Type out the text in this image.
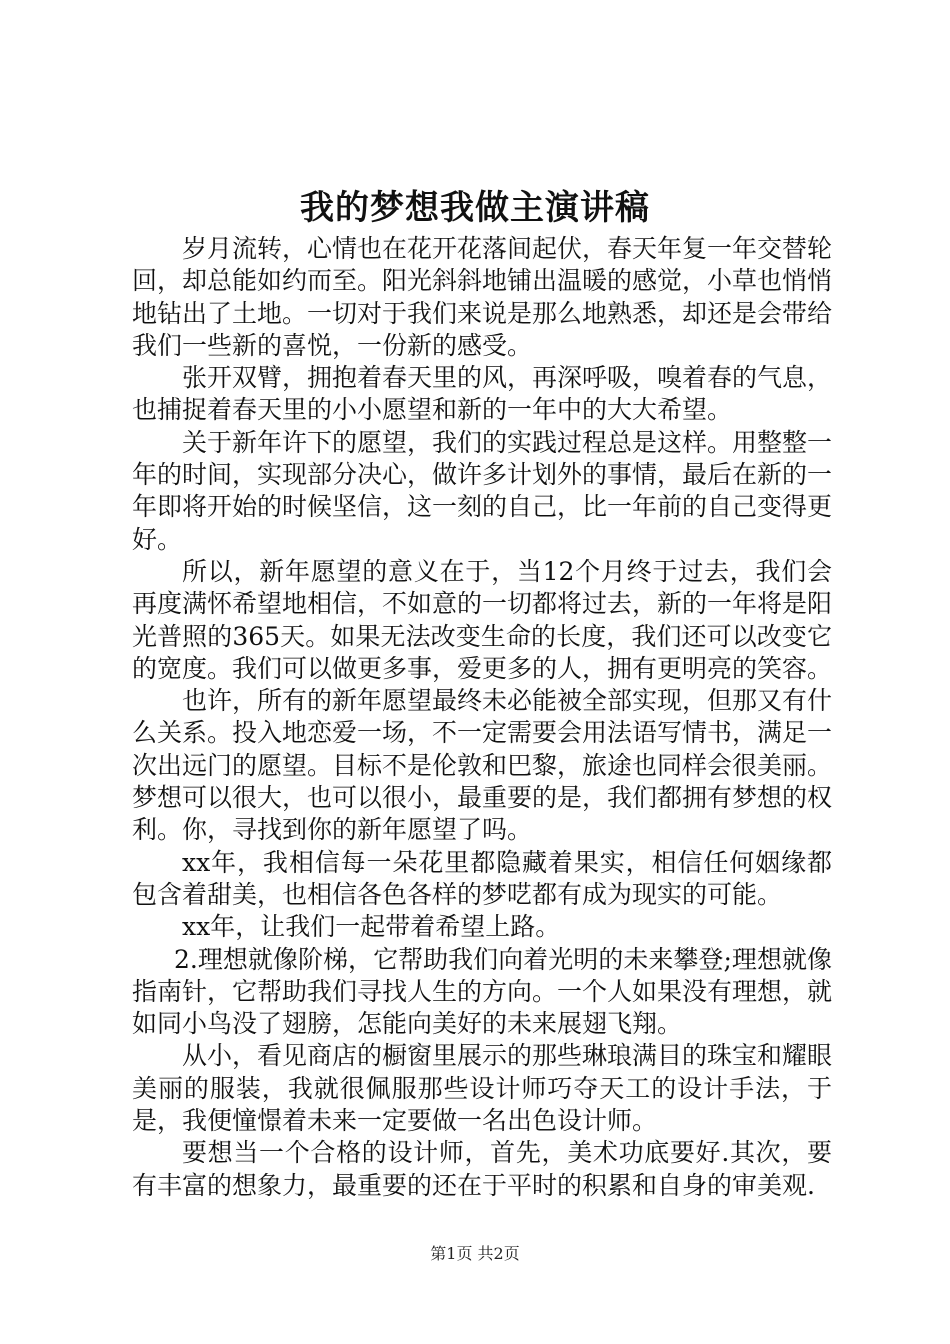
我的梦想我做主演讲稿

岁月流转，心情也在花开花落间起伏，春天年复一年交替轮回，却总能如约而至。阳光斜斜地铺出温暖的感觉，小草也悄悄地钻出了土地。一切对于我们来说是那么地熟悉，却还是会带给我们一些新的喜悦，一份新的感受。

张开双臂，拥抱着春天里的风，再深呼吸，嗅着春的气息，也捕捉着春天里的小小愿望和新的一年中的大大希望。

关于新年许下的愿望，我们的实践过程总是这样。用整整一年的时间，实现部分决心，做许多计划外的事情，最后在新的一年即将开始的时候坚信，这一刻的自己，比一年前的自己变得更好。

所以，新年愿望的意义在于，当12个月终于过去，我们会再度满怀希望地相信，不如意的一切都将过去，新的一年将是阳光普照的365天。如果无法改变生命的长度，我们还可以改变它的宽度。我们可以做更多事，爱更多的人，拥有更明亮的笑容。

也许，所有的新年愿望最终未必能被全部实现，但那又有什么关系。投入地恋爱一场，不一定需要会用法语写情书，满足一次出远门的愿望。目标不是伦敦和巴黎，旅途也同样会很美丽。梦想可以很大，也可以很小，最重要的是，我们都拥有梦想的权利。你，寻找到你的新年愿望了吗。

xx年，我相信每一朵花里都隐藏着果实，相信任何姻缘都包含着甜美，也相信各色各样的梦呓都有成为现实的可能。

xx年，让我们一起带着希望上路。

2.理想就像阶梯，它帮助我们向着光明的未来攀登;理想就像指南针，它帮助我们寻找人生的方向。一个人如果没有理想，就如同小鸟没了翅膀，怎能向美好的未来展翅飞翔。

从小，看见商店的橱窗里展示的那些琳琅满目的珠宝和耀眼美丽的服装，我就很佩服那些设计师巧夺天工的设计手法，于是，我便憧憬着未来一定要做一名出色设计师。

要想当一个合格的设计师，首先，美术功底要好.其次，要有丰富的想象力，最重要的还在于平时的积累和自身的审美观.

第1页 共2页
